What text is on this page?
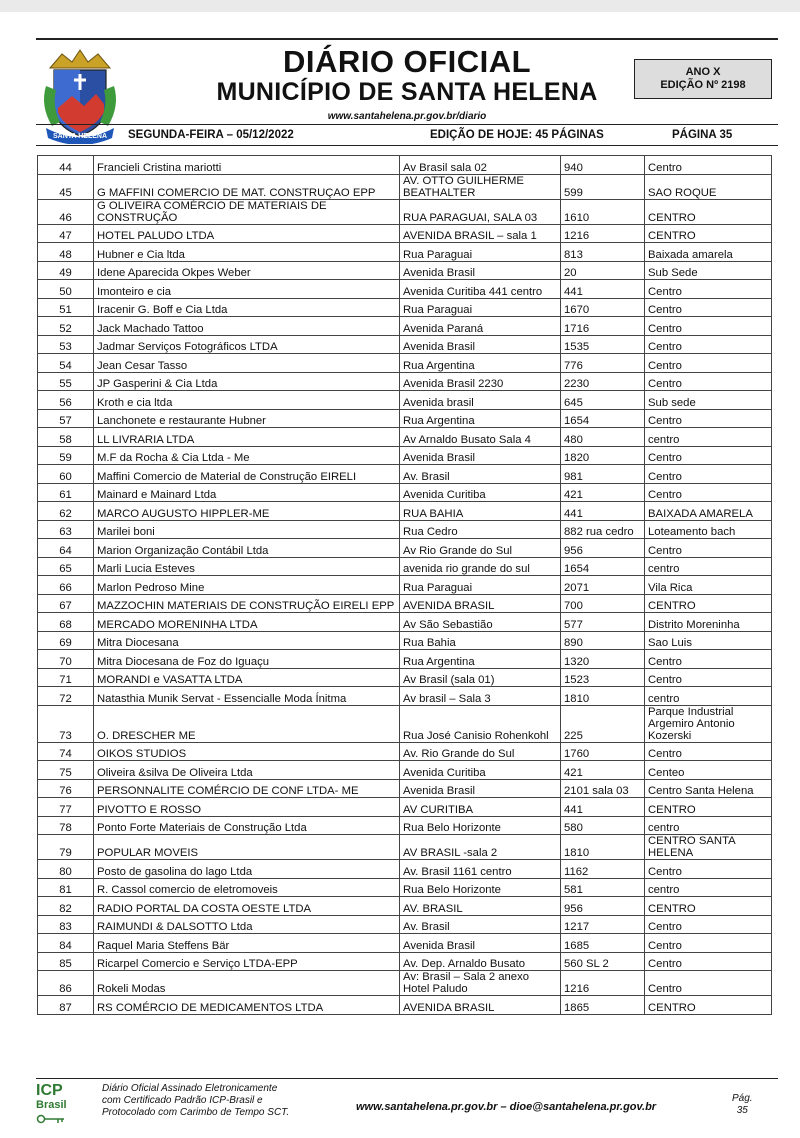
SANTA HELENA
DIÁRIO OFICIAL
MUNICÍPIO DE SANTA HELENA
www.santahelena.pr.gov.br/diario
ANO X
EDIÇÃO Nº 2198
SEGUNDA-FEIRA – 05/12/2022	EDIÇÃO DE HOJE: 45 PÁGINAS	PÁGINA 35
44	Francieli Cristina mariotti	Av Brasil sala 02	940	Centro
45	G MAFFINI COMERCIO DE MAT. CONSTRUÇAO EPP	AV. OTTO GUILHERME BEATHALTER	599	SAO ROQUE
46	G OLIVEIRA COMÉRCIO DE MATERIAIS DE CONSTRUÇÃO	RUA PARAGUAI, SALA 03	1610	CENTRO
47	HOTEL PALUDO LTDA	AVENIDA BRASIL – sala 1	1216	CENTRO
48	Hubner e Cia ltda	Rua Paraguai	813	Baixada amarela
49	Idene Aparecida Okpes Weber	Avenida Brasil	20	Sub Sede
50	Imonteiro e cia	Avenida Curitiba 441 centro	441	Centro
51	Iracenir G. Boff e Cia Ltda	Rua Paraguai	1670	Centro
52	Jack Machado Tattoo	Avenida Paraná	1716	Centro
53	Jadmar Serviços Fotográficos LTDA	Avenida Brasil	1535	Centro
54	Jean Cesar Tasso	Rua Argentina	776	Centro
55	JP Gasperini & Cia Ltda	Avenida Brasil 2230	2230	Centro
56	Kroth e cia ltda	Avenida brasil	645	Sub sede
57	Lanchonete e restaurante Hubner	Rua Argentina	1654	Centro
58	LL LIVRARIA LTDA	Av Arnaldo Busato Sala 4	480	centro
59	M.F da Rocha & Cia Ltda - Me	Avenida Brasil	1820	Centro
60	Maffini Comercio de Material de Construção EIRELI	Av. Brasil	981	Centro
61	Mainard e Mainard Ltda	Avenida Curitiba	421	Centro
62	MARCO AUGUSTO HIPPLER-ME	RUA BAHIA	441	BAIXADA AMARELA
63	Marilei boni	Rua Cedro	882 rua cedro	Loteamento bach
64	Marion Organização Contábil Ltda	Av Rio Grande do Sul	956	Centro
65	Marli Lucia Esteves	avenida rio grande do sul	1654	centro
66	Marlon Pedroso Mine	Rua Paraguai	2071	Vila Rica
67	MAZZOCHIN MATERIAIS DE CONSTRUÇÃO EIRELI EPP	AVENIDA BRASIL	700	CENTRO
68	MERCADO MORENINHA LTDA	Av São Sebastião	577	Distrito Moreninha
69	Mitra Diocesana	Rua Bahia	890	Sao Luis
70	Mitra Diocesana de Foz do Iguaçu	Rua Argentina	1320	Centro
71	MORANDI e VASATTA LTDA	Av Brasil (sala 01)	1523	Centro
72	Natasthia Munik Servat - Essencialle Moda Ínitma	Av brasil – Sala 3	1810	centro
73	O. DRESCHER ME	Rua José Canisio Rohenkohl	225	Parque Industrial Argemiro Antonio Kozerski
74	OIKOS STUDIOS	Av. Rio Grande do Sul	1760	Centro
75	Oliveira &silva De Oliveira Ltda	Avenida Curitiba	421	Centeo
76	PERSONNALITE COMÉRCIO DE CONF LTDA- ME	Avenida Brasil	2101 sala 03	Centro Santa Helena
77	PIVOTTO E ROSSO	AV CURITIBA	441	CENTRO
78	Ponto Forte Materiais de Construção Ltda	Rua Belo Horizonte	580	centro
79	POPULAR MOVEIS	AV BRASIL -sala 2	1810	CENTRO SANTA HELENA
80	Posto de gasolina do lago Ltda	Av. Brasil 1161 centro	1162	Centro
81	R. Cassol comercio de eletromoveis	Rua Belo Horizonte	581	centro
82	RADIO PORTAL DA COSTA OESTE LTDA	AV. BRASIL	956	CENTRO
83	RAIMUNDI & DALSOTTO Ltda	Av. Brasil	1217	Centro
84	Raquel Maria Steffens Bär	Avenida Brasil	1685	Centro
85	Ricarpel Comercio e Serviço LTDA-EPP	Av. Dep. Arnaldo Busato	560 SL 2	Centro
86	Rokeli Modas	Av: Brasil – Sala 2 anexo Hotel Paludo	1216	Centro
87	RS COMÉRCIO DE MEDICAMENTOS LTDA	AVENIDA BRASIL	1865	CENTRO
ICP
Brasil
Diário Oficial Assinado Eletronicamente
com Certificado Padrão ICP-Brasil e
Protocolado com Carimbo de Tempo SCT.	www.santahelena.pr.gov.br – dioe@santahelena.pr.gov.br
Pág.
35
